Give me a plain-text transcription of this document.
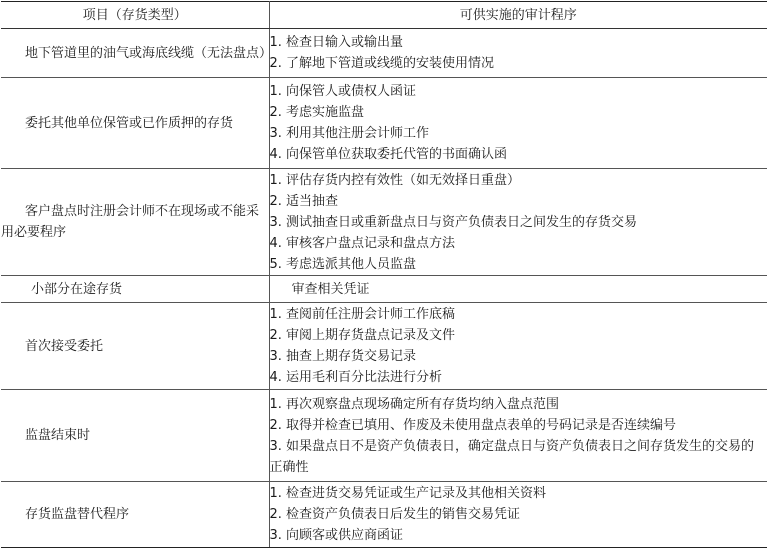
项目（存货类型）	可供实施的审计程序
地下管道里的油气或海底线缆（无法盘点）	1. 检查日输入或输出量
2. 了解地下管道或线缆的安装使用情况

委托其他单位保管或已作质押的存货	1. 向保管人或债权人函证
2. 考虑实施监盘
3. 利用其他注册会计师工作
4. 向保管单位获取委托代管的书面确认函

客户盘点时注册会计师不在现场或不能采用必要程序	1. 评估存货内控有效性（如无效择日重盘）
2. 适当抽查
3. 测试抽查日或重新盘点日与资产负债表日之间发生的存货交易
4. 审核客户盘点记录和盘点方法
5. 考虑选派其他人员监盘

小部分在途存货	审查相关凭证

首次接受委托	1. 查阅前任注册会计师工作底稿
2. 审阅上期存货盘点记录及文件
3. 抽查上期存货交易记录
4. 运用毛利百分比法进行分析

监盘结束时	1. 再次观察盘点现场确定所有存货均纳入盘点范围
2. 取得并检查已填用、作废及未使用盘点表单的号码记录是否连续编号
3. 如果盘点日不是资产负债表日，确定盘点日与资产负债表日之间存货发生的交易的正确性

存货监盘替代程序	1. 检查进货交易凭证或生产记录及其他相关资料
2. 检查资产负债表日后发生的销售交易凭证
3. 向顾客或供应商函证
